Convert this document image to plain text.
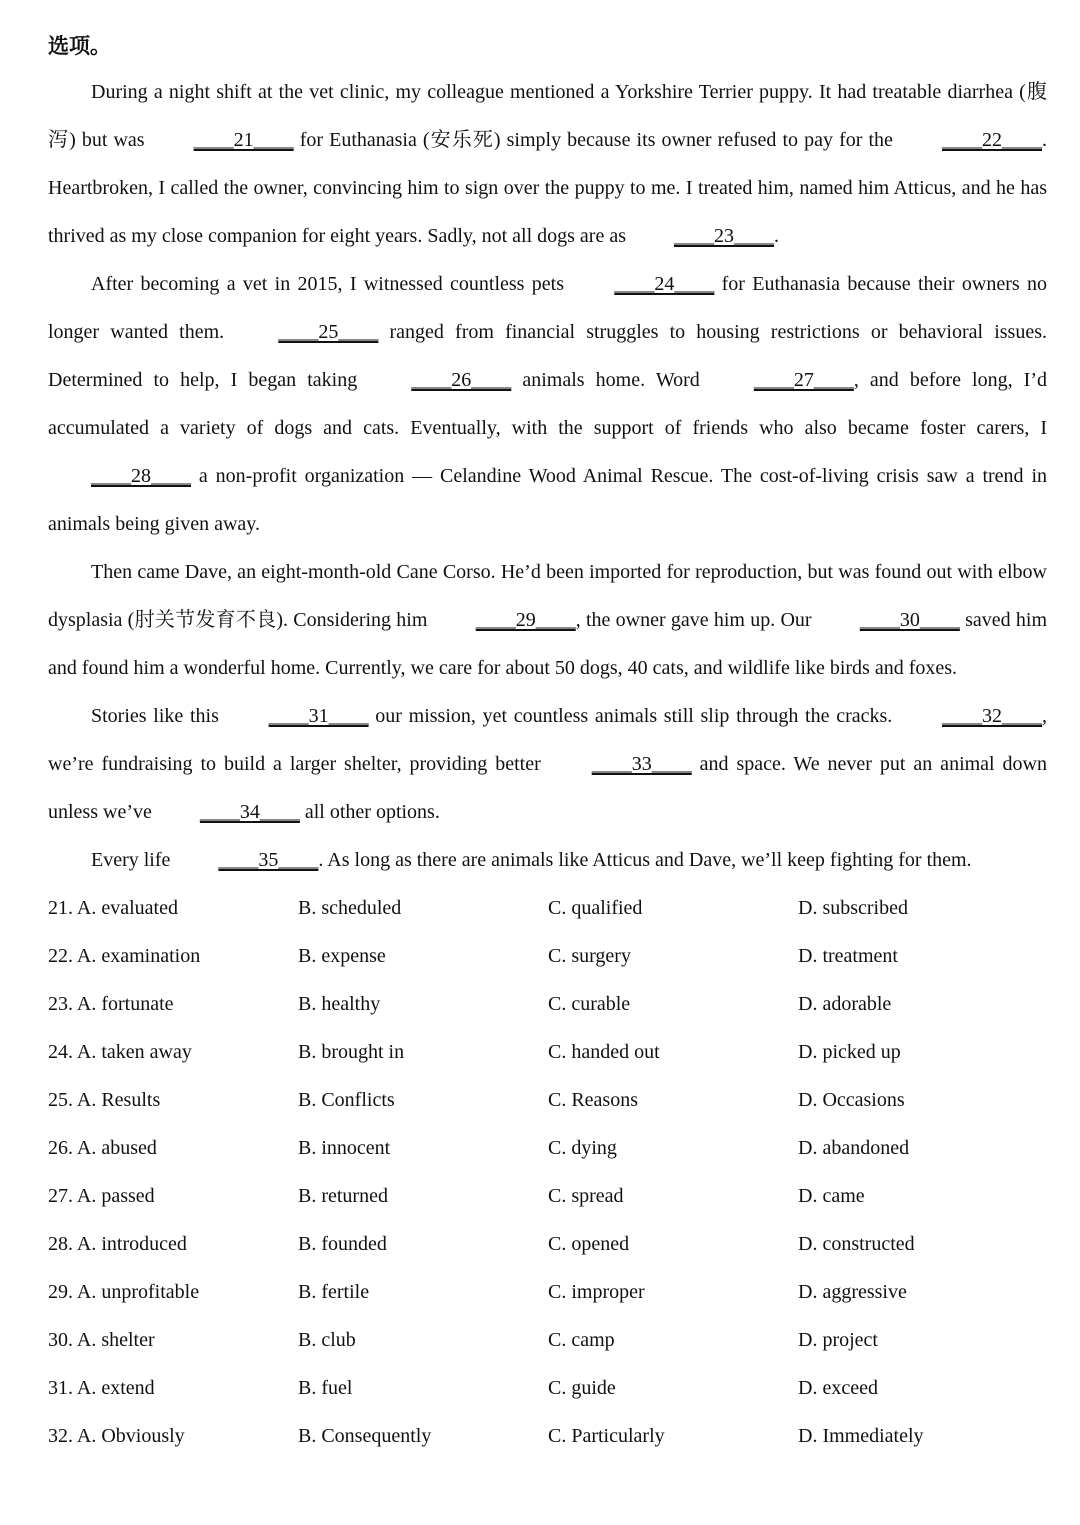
选项。

During a night shift at the vet clinic, my colleague mentioned a Yorkshire Terrier puppy. It had treatable diarrhea (腹泻) but was ____21____ for Euthanasia (安乐死) simply because its owner refused to pay for the ____22____. Heartbroken, I called the owner, convincing him to sign over the puppy to me. I treated him, named him Atticus, and he has thrived as my close companion for eight years. Sadly, not all dogs are as ____23____.

After becoming a vet in 2015, I witnessed countless pets ____24____ for Euthanasia because their owners no longer wanted them. ____25____ ranged from financial struggles to housing restrictions or behavioral issues. Determined to help, I began taking ____26____ animals home. Word ____27____, and before long, I’d accumulated a variety of dogs and cats. Eventually, with the support of friends who also became foster carers, I ____28____ a non-profit organization — Celandine Wood Animal Rescue. The cost-of-living crisis saw a trend in animals being given away.

Then came Dave, an eight-month-old Cane Corso. He’d been imported for reproduction, but was found out with elbow dysplasia (肘关节发育不良). Considering him ____29____, the owner gave him up. Our ____30____ saved him and found him a wonderful home. Currently, we care for about 50 dogs, 40 cats, and wildlife like birds and foxes.

Stories like this ____31____ our mission, yet countless animals still slip through the cracks. ____32____, we’re fundraising to build a larger shelter, providing better ____33____ and space. We never put an animal down unless we’ve ____34____ all other options.

Every life ____35____. As long as there are animals like Atticus and Dave, we’ll keep fighting for them.

21. A. evaluated	B. scheduled	C. qualified	D. subscribed
22. A. examination	B. expense	C. surgery	D. treatment
23. A. fortunate	B. healthy	C. curable	D. adorable
24. A. taken away	B. brought in	C. handed out	D. picked up
25. A. Results	B. Conflicts	C. Reasons	D. Occasions
26. A. abused	B. innocent	C. dying	D. abandoned
27. A. passed	B. returned	C. spread	D. came
28. A. introduced	B. founded	C. opened	D. constructed
29. A. unprofitable	B. fertile	C. improper	D. aggressive
30. A. shelter	B. club	C. camp	D. project
31. A. extend	B. fuel	C. guide	D. exceed
32. A. Obviously	B. Consequently	C. Particularly	D. Immediately
